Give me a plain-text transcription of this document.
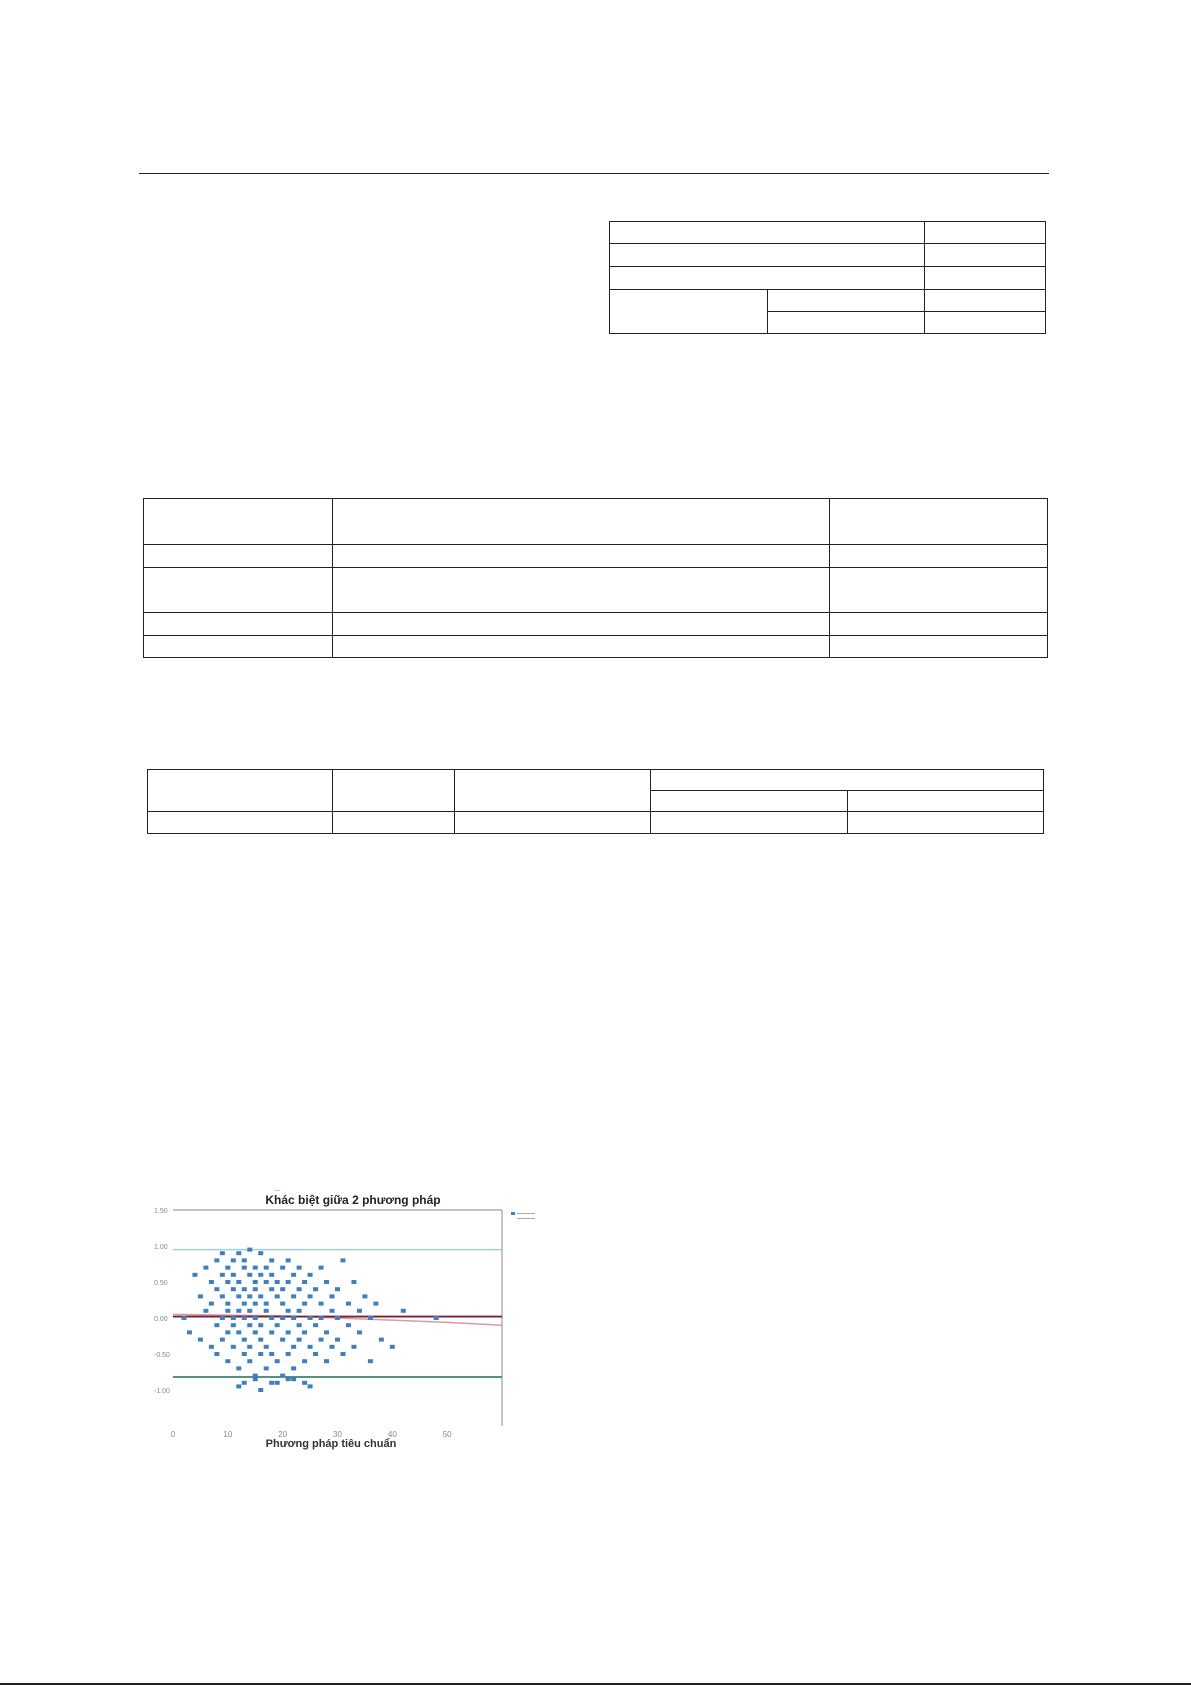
Khác biệt giữa 2 phương pháp
1.50
1.00
0.50
0.00
-0.50
-1.00
0	10	20	30	40	50
Phương pháp tiêu chuẩn
